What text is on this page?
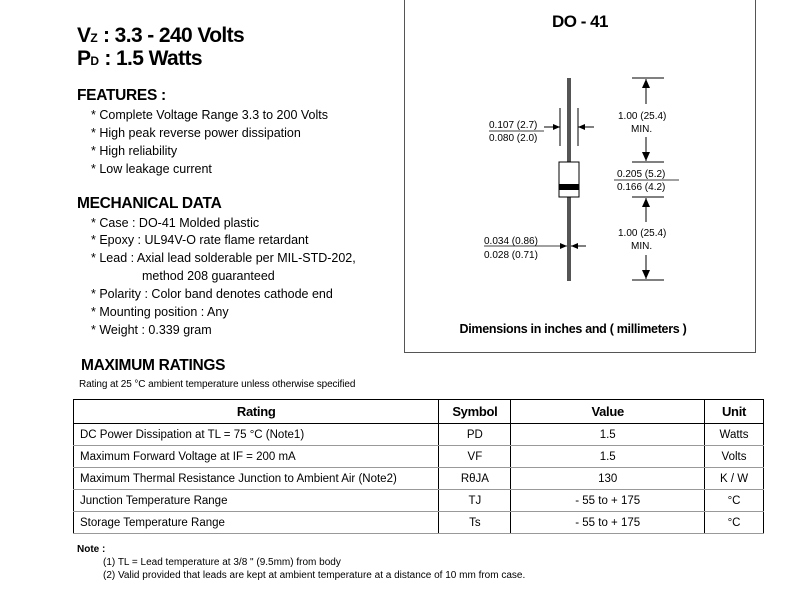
VZ : 3.3 - 240 Volts
PD : 1.5 Watts
FEATURES :
* Complete Voltage Range 3.3 to 200 Volts
* High peak reverse power dissipation
* High reliability
* Low leakage current
MECHANICAL DATA
* Case : DO-41 Molded plastic
* Epoxy : UL94V-O rate flame retardant
* Lead : Axial lead solderable per MIL-STD-202,
method 208 guaranteed
* Polarity : Color band denotes cathode end
* Mounting position : Any
* Weight : 0.339 gram
DO - 41
0.107 (2.7)
0.080 (2.0)
1.00 (25.4)
MIN.
0.205 (5.2)
0.166 (4.2)
1.00 (25.4)
MIN.
0.034 (0.86)
0.028 (0.71)
Dimensions in inches and ( millimeters )
MAXIMUM RATINGS
Rating at 25 °C ambient temperature unless otherwise specified
Rating	Symbol	Value	Unit
DC Power Dissipation at TL = 75 °C (Note1)	PD	1.5	Watts
Maximum Forward Voltage at IF = 200 mA	VF	1.5	Volts
Maximum Thermal Resistance Junction to Ambient Air (Note2)	RθJA	130	K / W
Junction Temperature Range	TJ	- 55 to + 175	°C
Storage Temperature Range	Ts	- 55 to + 175	°C
Note :
(1) TL = Lead temperature at 3/8 " (9.5mm) from body
(2) Valid provided that leads are kept at ambient temperature at a distance of 10 mm from case.
